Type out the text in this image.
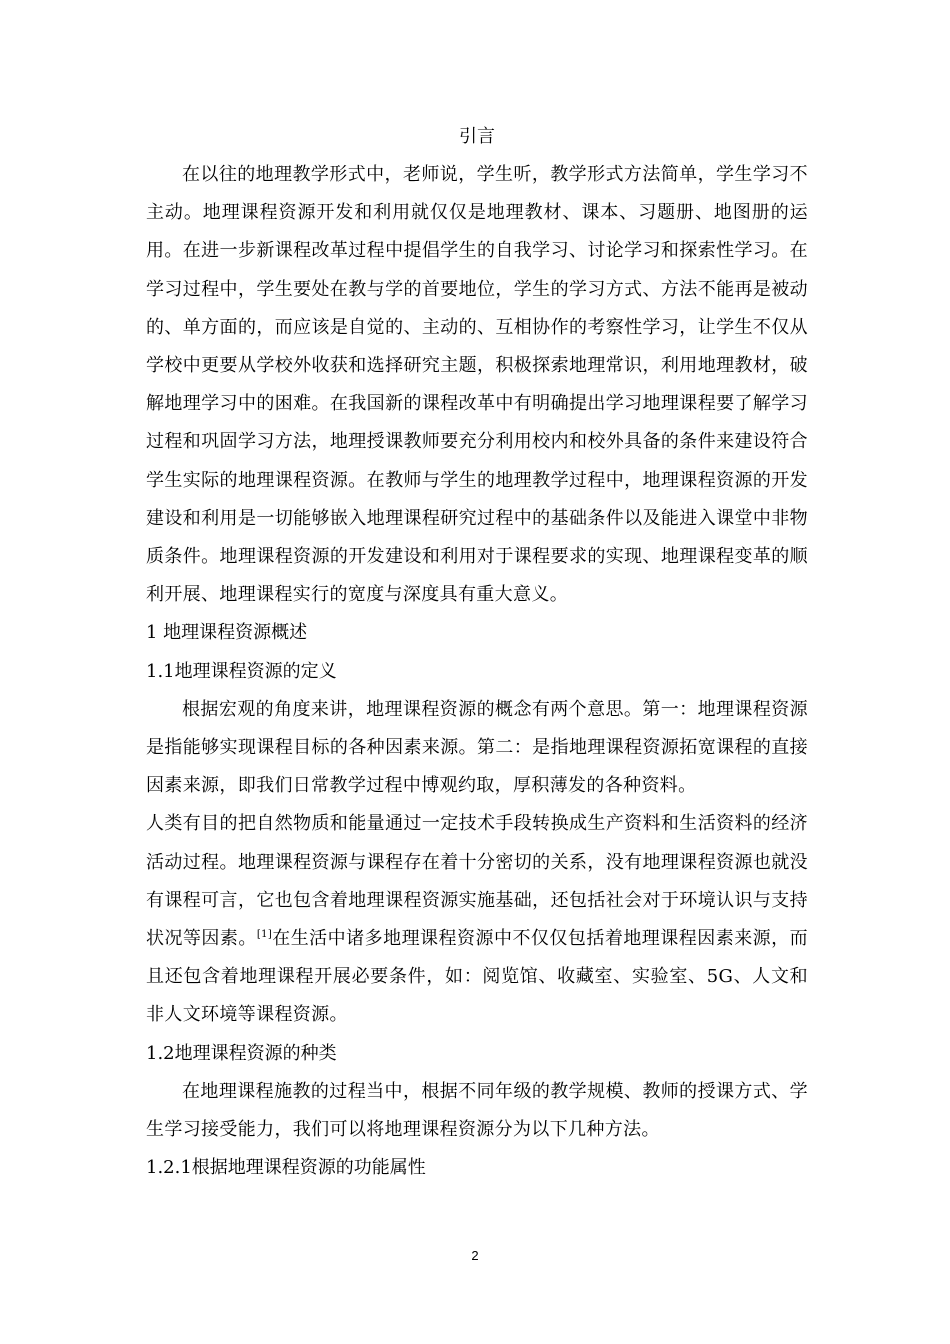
引言

在以往的地理教学形式中，老师说，学生听，教学形式方法简单，学生学习不主动。地理课程资源开发和利用就仅仅是地理教材、课本、习题册、地图册的运用。在进一步新课程改革过程中提倡学生的自我学习、讨论学习和探索性学习。在学习过程中，学生要处在教与学的首要地位，学生的学习方式、方法不能再是被动的、单方面的，而应该是自觉的、主动的、互相协作的考察性学习，让学生不仅从学校中更要从学校外收获和选择研究主题，积极探索地理常识，利用地理教材，破解地理学习中的困难。在我国新的课程改革中有明确提出学习地理课程要了解学习过程和巩固学习方法，地理授课教师要充分利用校内和校外具备的条件来建设符合学生实际的地理课程资源。在教师与学生的地理教学过程中，地理课程资源的开发建设和利用是一切能够嵌入地理课程研究过程中的基础条件以及能进入课堂中非物质条件。地理课程资源的开发建设和利用对于课程要求的实现、地理课程变革的顺利开展、地理课程实行的宽度与深度具有重大意义。

1 地理课程资源概述
1.1地理课程资源的定义

根据宏观的角度来讲，地理课程资源的概念有两个意思。第一：地理课程资源是指能够实现课程目标的各种因素来源。第二：是指地理课程资源拓宽课程的直接因素来源，即我们日常教学过程中博观约取，厚积薄发的各种资料。

人类有目的把自然物质和能量通过一定技术手段转换成生产资料和生活资料的经济活动过程。地理课程资源与课程存在着十分密切的关系，没有地理课程资源也就没有课程可言，它也包含着地理课程资源实施基础，还包括社会对于环境认识与支持状况等因素。[1]在生活中诸多地理课程资源中不仅仅包括着地理课程因素来源，而且还包含着地理课程开展必要条件，如：阅览馆、收藏室、实验室、5G、人文和非人文环境等课程资源。

1.2地理课程资源的种类

在地理课程施教的过程当中，根据不同年级的教学规模、教师的授课方式、学生学习接受能力，我们可以将地理课程资源分为以下几种方法。

1.2.1根据地理课程资源的功能属性
2
